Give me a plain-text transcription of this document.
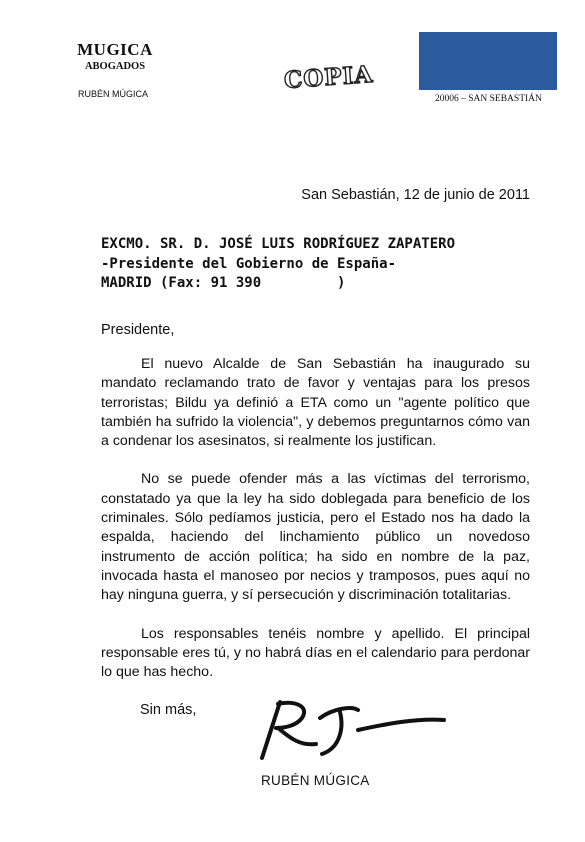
MUGICA
ABOGADOS
RUBÉN MÚGICA	COPIA
20006 – SAN SEBASTIÁN
San Sebastián, 12 de junio de 2011
EXCMO. SR. D. JOSÉ LUIS RODRÍGUEZ ZAPATERO
-Presidente del Gobierno de España-
MADRID (Fax: 91 390         )
Presidente,

El nuevo Alcalde de San Sebastián ha inaugurado su mandato reclamando trato de favor y ventajas para los presos terroristas; Bildu ya definió a ETA como un "agente político que también ha sufrido la violencia", y debemos preguntarnos cómo van a condenar los asesinatos, si realmente los justifican.

No se puede ofender más a las víctimas del terrorismo, constatado ya que la ley ha sido doblegada para beneficio de los criminales. Sólo pedíamos justicia, pero el Estado nos ha dado la espalda, haciendo del linchamiento público un novedoso instrumento de acción política; ha sido en nombre de la paz, invocada hasta el manoseo por necios y tramposos, pues aquí no hay ninguna guerra, y sí persecución y discriminación totalitarias.

Los responsables tenéis nombre y apellido. El principal responsable eres tú, y no habrá días en el calendario para perdonar lo que has hecho.

Sin más,
RUBÉN MÚGICA
